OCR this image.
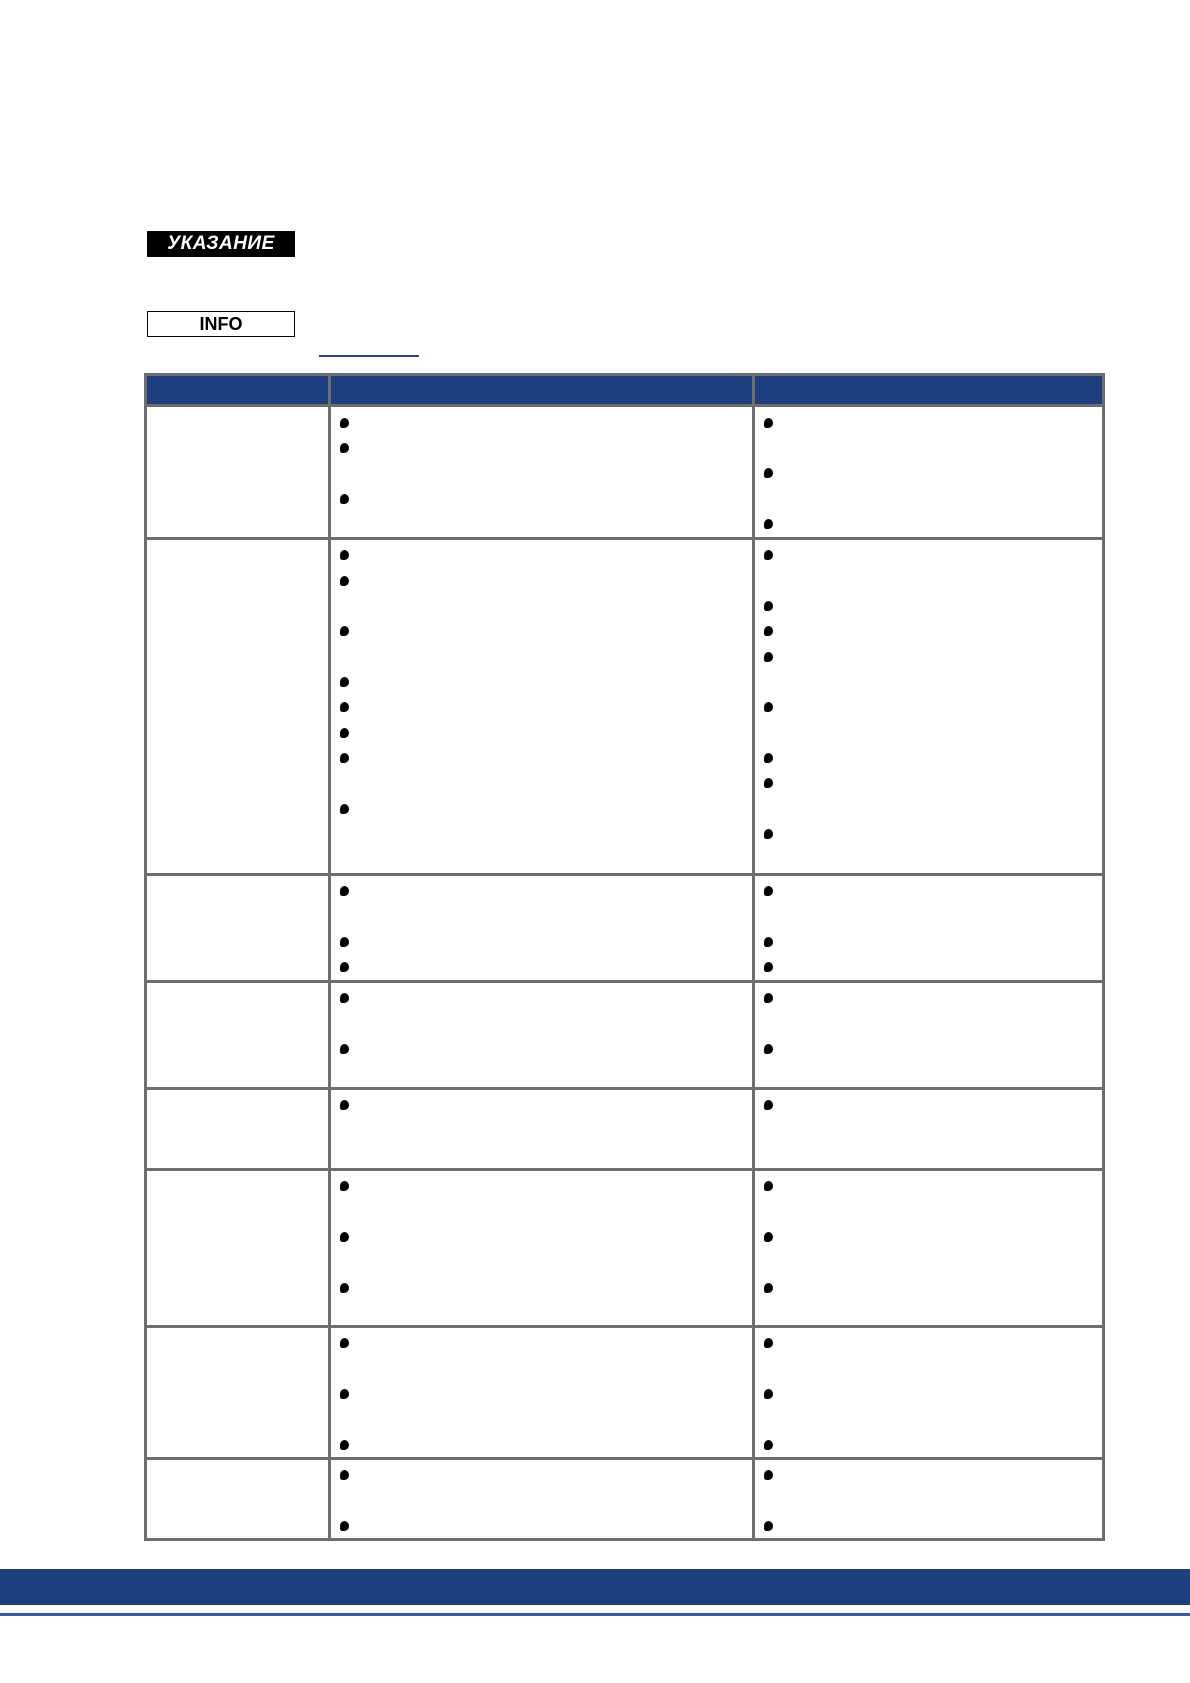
УКАЗАНИЕ
INFO
